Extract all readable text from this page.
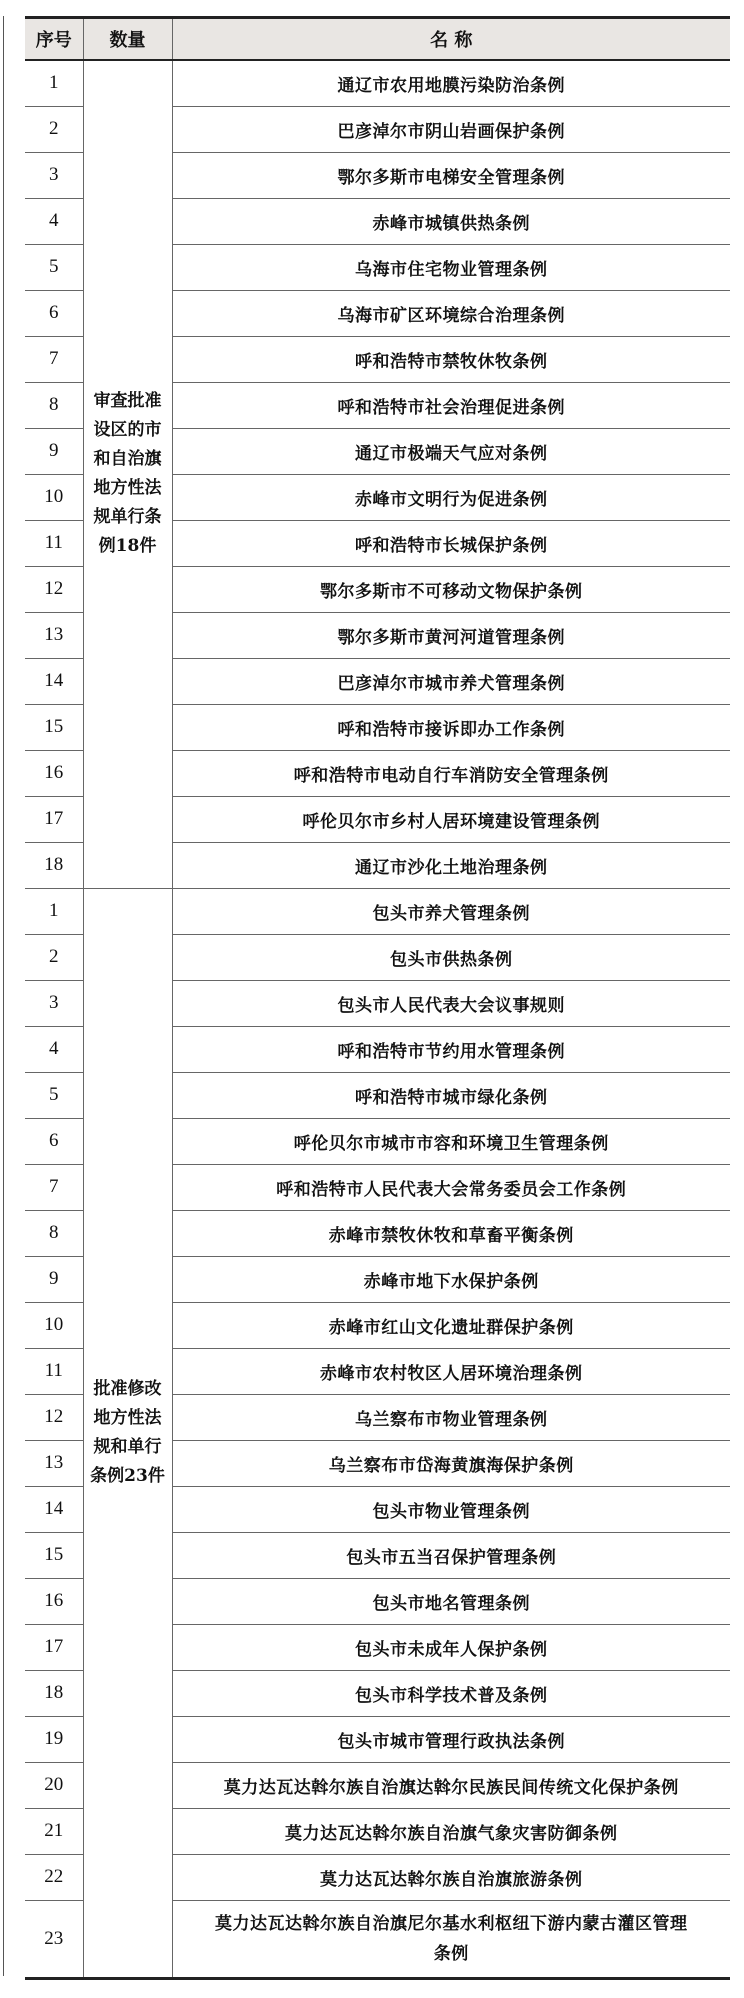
序号	数量	名 称
1	审查批准设区的市和自治旗地方性法规单行条例18件	通辽市农用地膜污染防治条例
2		巴彦淖尔市阴山岩画保护条例
3		鄂尔多斯市电梯安全管理条例
4		赤峰市城镇供热条例
5		乌海市住宅物业管理条例
6		乌海市矿区环境综合治理条例
7		呼和浩特市禁牧休牧条例
8		呼和浩特市社会治理促进条例
9		通辽市极端天气应对条例
10		赤峰市文明行为促进条例
11		呼和浩特市长城保护条例
12		鄂尔多斯市不可移动文物保护条例
13		鄂尔多斯市黄河河道管理条例
14		巴彦淖尔市城市养犬管理条例
15		呼和浩特市接诉即办工作条例
16		呼和浩特市电动自行车消防安全管理条例
17		呼伦贝尔市乡村人居环境建设管理条例
18		通辽市沙化土地治理条例
1	批准修改地方性法规和单行条例23件	包头市养犬管理条例
2		包头市供热条例
3		包头市人民代表大会议事规则
4		呼和浩特市节约用水管理条例
5		呼和浩特市城市绿化条例
6		呼伦贝尔市城市市容和环境卫生管理条例
7		呼和浩特市人民代表大会常务委员会工作条例
8		赤峰市禁牧休牧和草畜平衡条例
9		赤峰市地下水保护条例
10		赤峰市红山文化遗址群保护条例
11		赤峰市农村牧区人居环境治理条例
12		乌兰察布市物业管理条例
13		乌兰察布市岱海黄旗海保护条例
14		包头市物业管理条例
15		包头市五当召保护管理条例
16		包头市地名管理条例
17		包头市未成年人保护条例
18		包头市科学技术普及条例
19		包头市城市管理行政执法条例
20		莫力达瓦达斡尔族自治旗达斡尔民族民间传统文化保护条例
21		莫力达瓦达斡尔族自治旗气象灾害防御条例
22		莫力达瓦达斡尔族自治旗旅游条例
23		莫力达瓦达斡尔族自治旗尼尔基水利枢纽下游内蒙古灌区管理条例
